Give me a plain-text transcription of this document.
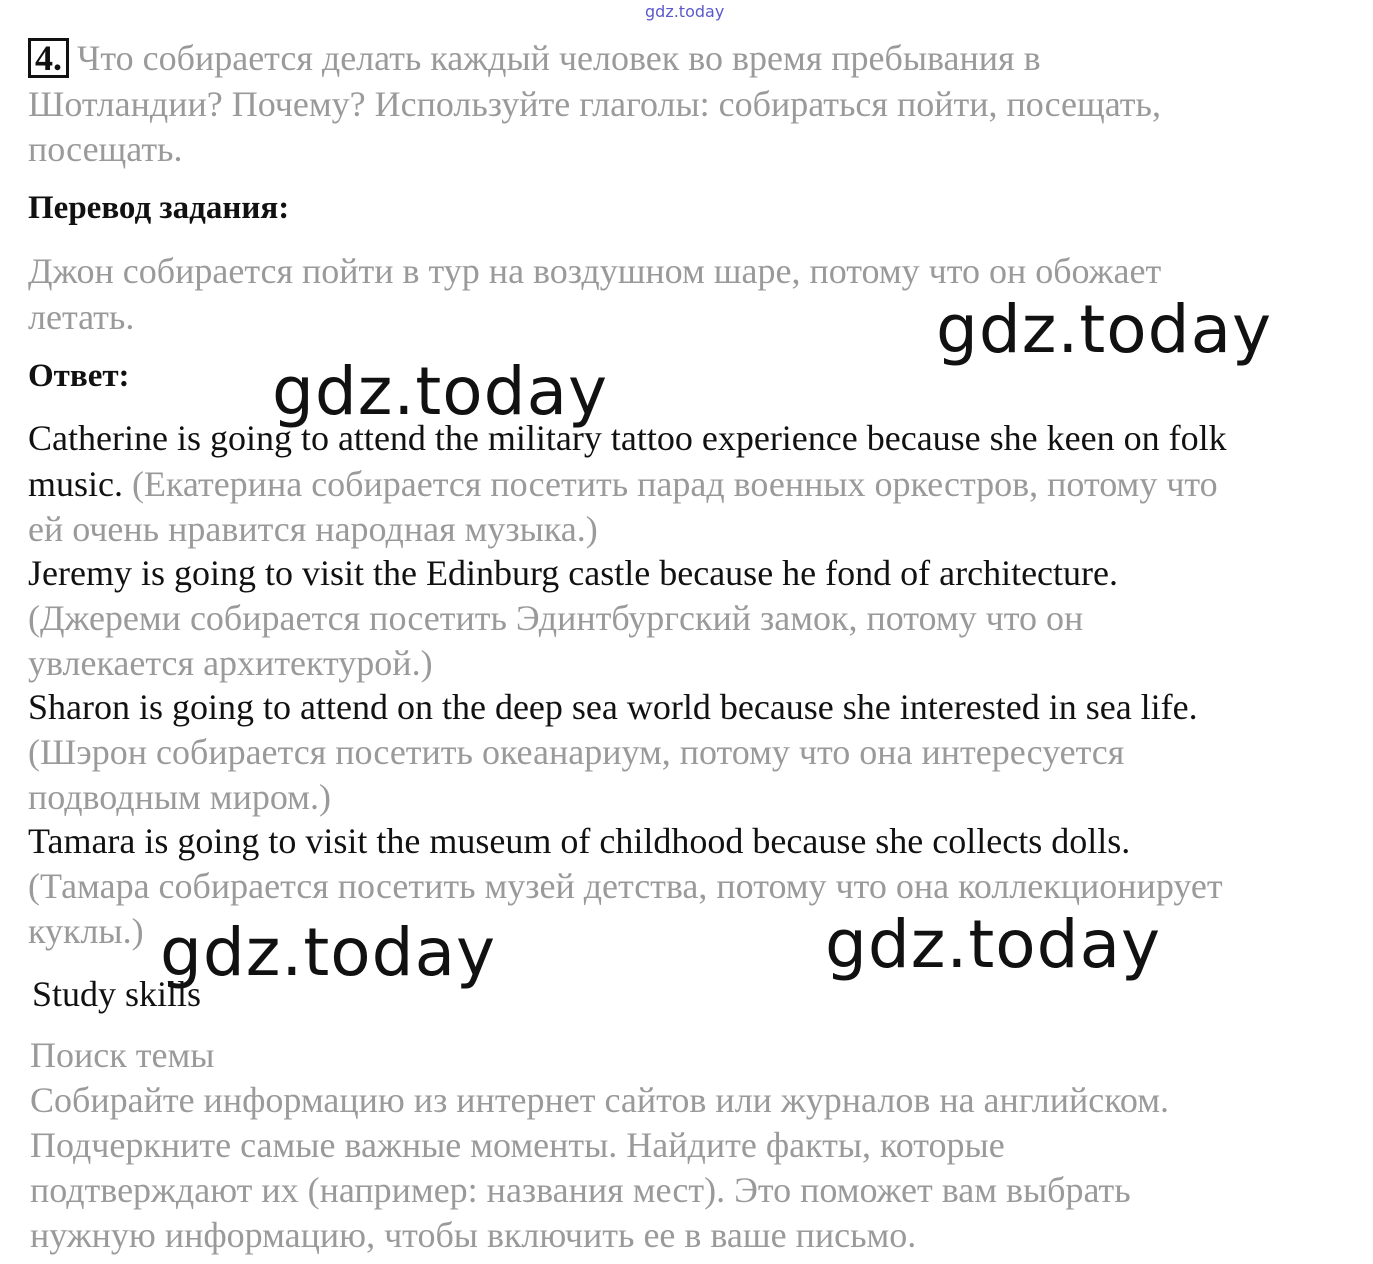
gdz.today
4. Что собирается делать каждый человек во время пребывания в
Шотландии? Почему? Используйте глаголы: собираться пойти, посещать,
посещать.
Перевод задания:
Джон собирается пойти в тур на воздушном шаре, потому что он обожает
летать.
Ответ:
Catherine is going to attend the military tattoo experience because she keen on folk
music. (Екатерина собирается посетить парад военных оркестров, потому что
ей очень нравится народная музыка.)
Jeremy is going to visit the Edinburg castle because he fond of architecture.
(Джереми собирается посетить Эдинтбургский замок, потому что он
увлекается архитектурой.)
Sharon is going to attend on the deep sea world because she interested in sea life.
(Шэрон собирается посетить океанариум, потому что она интересуется
подводным миром.)
Tamara is going to visit the museum of childhood because she collects dolls.
(Тамара собирается посетить музей детства, потому что она коллекционирует
куклы.)
Study skills
Поиск темы
Собирайте информацию из интернет сайтов или журналов на английском.
Подчеркните самые важные моменты. Найдите факты, которые
подтверждают их (например: названия мест). Это поможет вам выбрать
нужную информацию, чтобы включить ее в ваше письмо.
gdz.today
gdz.today
gdz.today	gdz.today
